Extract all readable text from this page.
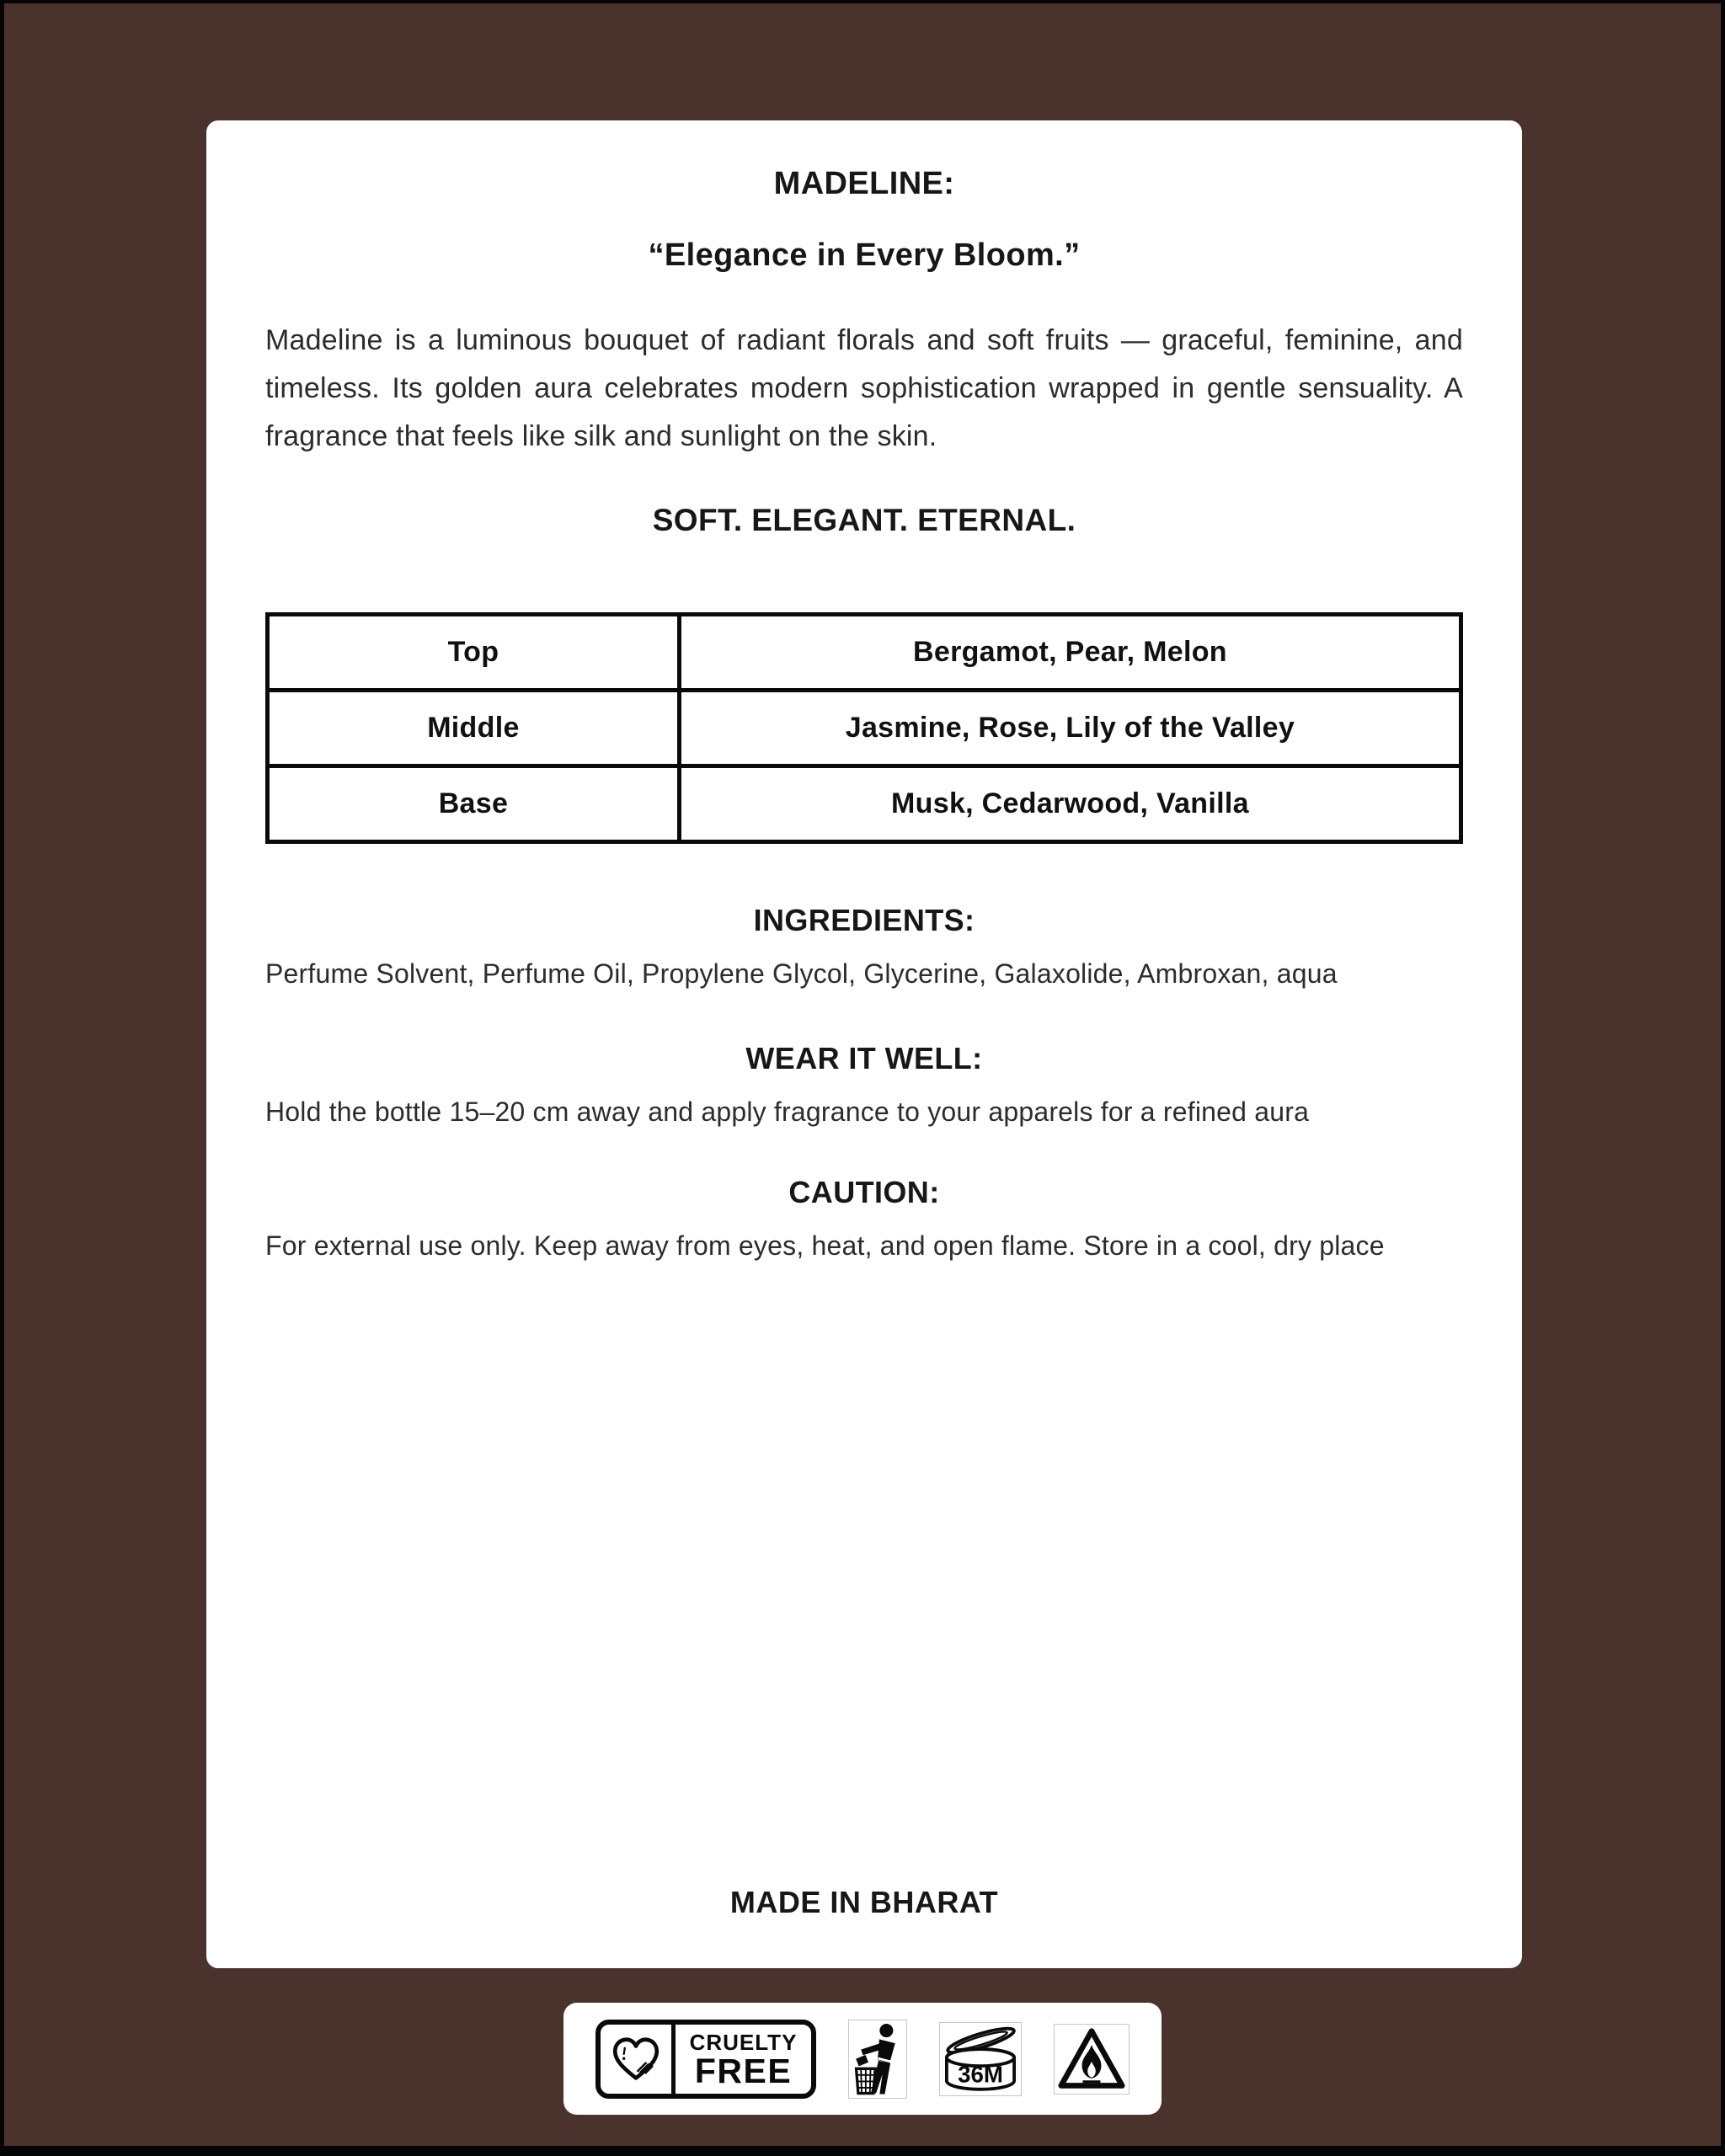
MADELINE:

“Elegance in Every Bloom.”

Madeline is a luminous bouquet of radiant florals and soft fruits — graceful, feminine, and timeless. Its golden aura celebrates modern sophistication wrapped in gentle sensuality. A fragrance that feels like silk and sunlight on the skin.

SOFT. ELEGANT. ETERNAL.
Top	Bergamot, Pear, Melon
Middle	Jasmine, Rose, Lily of the Valley
Base	Musk, Cedarwood, Vanilla
INGREDIENTS:

Perfume Solvent, Perfume Oil, Propylene Glycol, Glycerine, Galaxolide, Ambroxan, aqua

WEAR IT WELL:

Hold the bottle 15–20 cm away and apply fragrance to your apparels for a refined aura

CAUTION:

For external use only. Keep away from eyes, heat, and open flame. Store in a cool, dry place

MADE IN BHARAT

CRUELTY
FREE	36M
